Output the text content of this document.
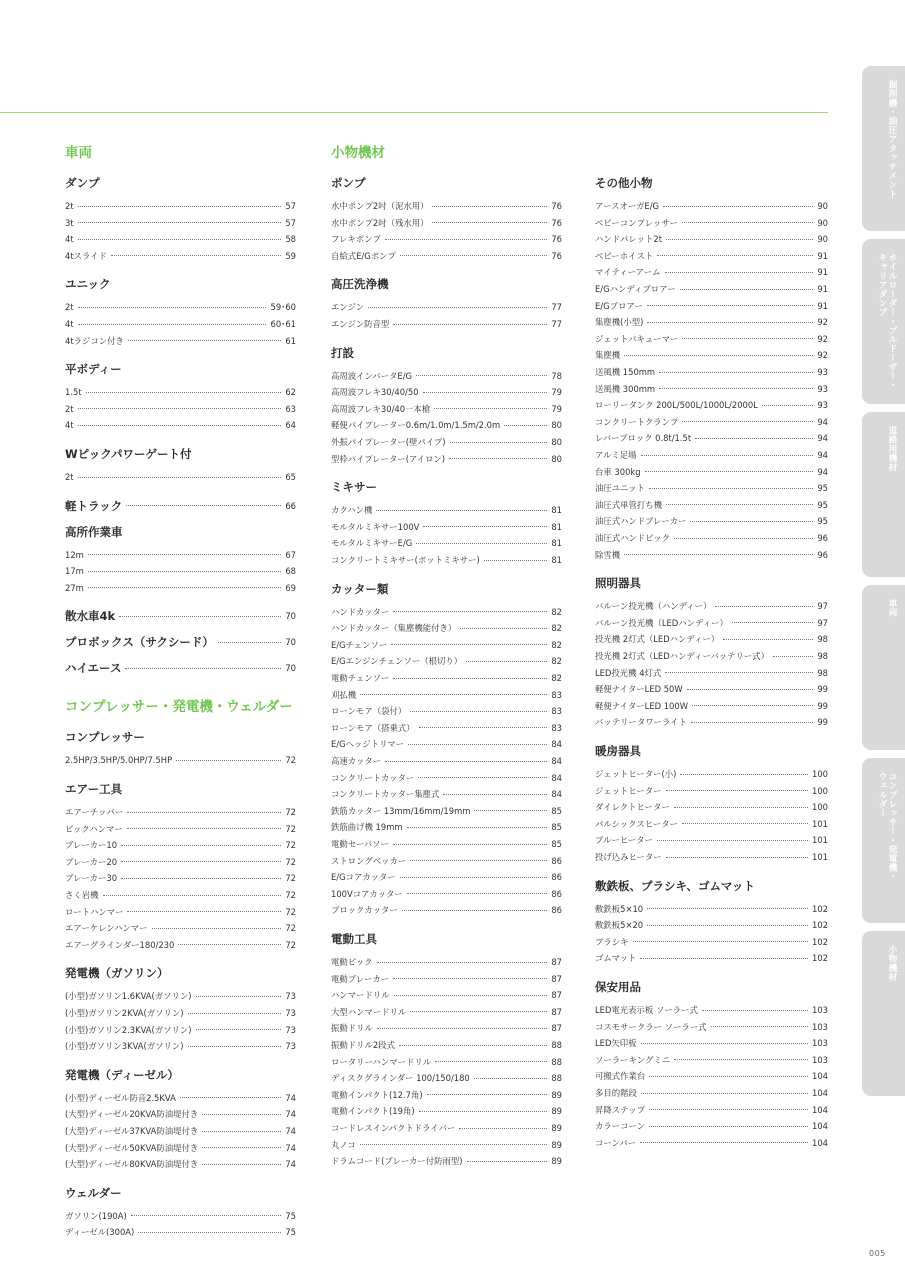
車両
ダンプ
2t	57
3t	57
4t	58
4tスライド	59
ユニック
2t	59･60
4t	60･61
4tラジコン付き	61
平ボディー
1.5t	62
2t	63
4t	64
Wピックパワーゲート付
2t	65
軽トラック	66
高所作業車
12m	67
17m	68
27m	69
散水車4k	70
プロボックス（サクシード）	70
ハイエース	70
コンプレッサー・発電機・ウェルダー
コンプレッサー
2.5HP/3.5HP/5.0HP/7.5HP	72
エアー工具
エアーチッパー	72
ピックハンマー	72
ブレーカー10	72
ブレーカー20	72
ブレーカー30	72
さく岩機	72
ロートハンマー	72
エアーケレンハンマー	72
エアーグラインダー180/230	72
発電機（ガソリン）
(小型)ガソリン1.6KVA(ガソリン)	73
(小型)ガソリン2KVA(ガソリン)	73
(小型)ガソリン2.3KVA(ガソリン)	73
(小型)ガソリン3KVA(ガソリン)	73
発電機（ディーゼル）
(小型)ディーゼル防音2.5KVA	74
(大型)ディーゼル20KVA防油堤付き	74
(大型)ディーゼル37KVA防油堤付き	74
(大型)ディーゼル50KVA防油堤付き	74
(大型)ディーゼル80KVA防油堤付き	74
ウェルダー
ガソリン(190A)	75
ディーゼル(300A)	75
小物機材
ポンプ
水中ポンプ2吋（泥水用）	76
水中ポンプ2吋（残水用）	76
フレキポンプ	76
自給式E/Gポンプ	76
高圧洗浄機
エンジン	77
エンジン防音型	77
打設
高周波インバータE/G	78
高周波フレキ30/40/50	79
高周波フレキ30/40一本槍	79
軽便パイプレーター0.6m/1.0m/1.5m/2.0m	80
外振パイプレーター(壁パイプ)	80
型枠パイプレーター(アイロン)	80
ミキサー
カクハン機	81
モルタルミキサー100V	81
モルタルミキサーE/G	81
コンクリートミキサー(ポットミキサー)	81
カッター類
ハンドカッター	82
ハンドカッター（集塵機能付き）	82
E/Gチェンソー	82
E/Gエンジンチェンソー（根切り）	82
電動チェンソー	82
刈払機	83
ローンモア（袋付）	83
ローンモア（搭乗式）	83
E/Gヘッジトリマー	84
高速カッター	84
コンクリートカッター	84
コンクリートカッター集塵式	84
鉄筋カッター 13mm/16mm/19mm	85
鉄筋曲げ機 19mm	85
電動セーバソー	85
ストロングベッカー	86
E/Gコアカッター	86
100Vコアカッター	86
ブロックカッター	86
電動工具
電動ピック	87
電動ブレーカー	87
ハンマードリル	87
大型ハンマードリル	87
振動ドリル	87
振動ドリル2段式	88
ロータリーハンマードリル	88
ディスクグラインダー 100/150/180	88
電動インパクト(12.7角)	89
電動インパクト(19角)	89
コードレスインパクトドライバー	89
丸ノコ	89
ドラムコード(ブレーカー付防雨型)	89
その他小物
アースオーガE/G	90
ベビーコンプレッサー	90
ハンドパレット2t	90
ベビーホイスト	91
マイティーアーム	91
E/Gハンディブロアー	91
E/Gブロアー	91
集塵機(小型)	92
ジェットバキューマー	92
集塵機	92
送風機 150mm	93
送風機 300mm	93
ローリータンク 200L/500L/1000L/2000L	93
コンクリートクランプ	94
レバーブロック 0.8t/1.5t	94
アルミ足場	94
台車 300kg	94
油圧ユニット	95
油圧式単管打ち機	95
油圧式ハンドブレーカー	95
油圧式ハンドピック	96
除雪機	96
照明器具
バルーン投光機（ハンディー）	97
バルーン投光機（LEDハンディー）	97
投光機 2灯式（LEDハンディー）	98
投光機 2灯式（LEDハンディーバッテリー式）	98
LED投光機 4灯式	98
軽便ナイターLED 50W	99
軽便ナイターLED 100W	99
バッテリータワーライト	99
暖房器具
ジェットヒーター(小)	100
ジェットヒーター	100
ダイレクトヒーター	100
パルシックスヒーター	101
ブルーヒーター	101
投げ込みヒーター	101
敷鉄板、プラシキ、ゴムマット
敷鉄板5×10	102
敷鉄板5×20	102
プラシキ	102
ゴムマット	102
保安用品
LED電光表示板 ソーラー式	103
コスモサークラー ソーラー式	103
LED矢印板	103
ソーラーキングミニ	103
可搬式作業台	104
多目的階段	104
昇降ステップ	104
カラーコーン	104
コーンバー	104
掘削機・油圧アタッチメント
ホイルローダー・ブルドーザー・
キャリアダンプ
道路用機材
車両
コンプレッサー・発電機・
ウェルダー
小物機材
005
